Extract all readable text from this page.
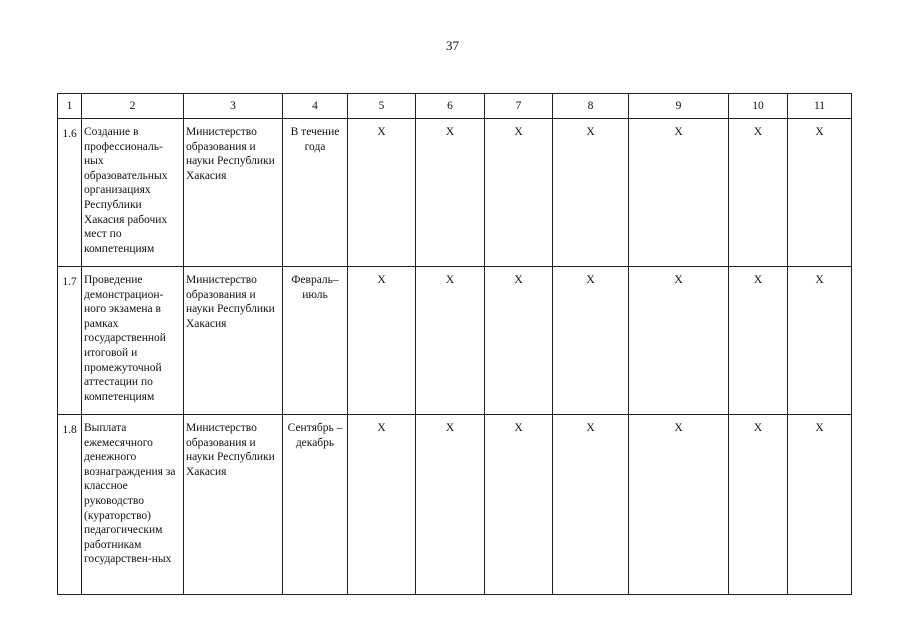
37
1	2	3	4	5	6	7	8	9	10	11
1.6	Создание в профессиональ-ных образовательных организациях Республики Хакасия рабочих мест по компетенциям	Министерство образования и науки Республики Хакасия	В течение года	X	X	X	X	X	X	X
1.7	Проведение демонстрацион-ного экзамена в рамках государственной итоговой и промежуточной аттестации по компетенциям	Министерство образования и науки Республики Хакасия	Февраль–июль	X	X	X	X	X	X	X
1.8	Выплата ежемесячного денежного вознаграждения за классное руководство (кураторство) педагогическим работникам государствен-ных	Министерство образования и науки Республики Хакасия	Сентябрь – декабрь	X	X	X	X	X	X	X
